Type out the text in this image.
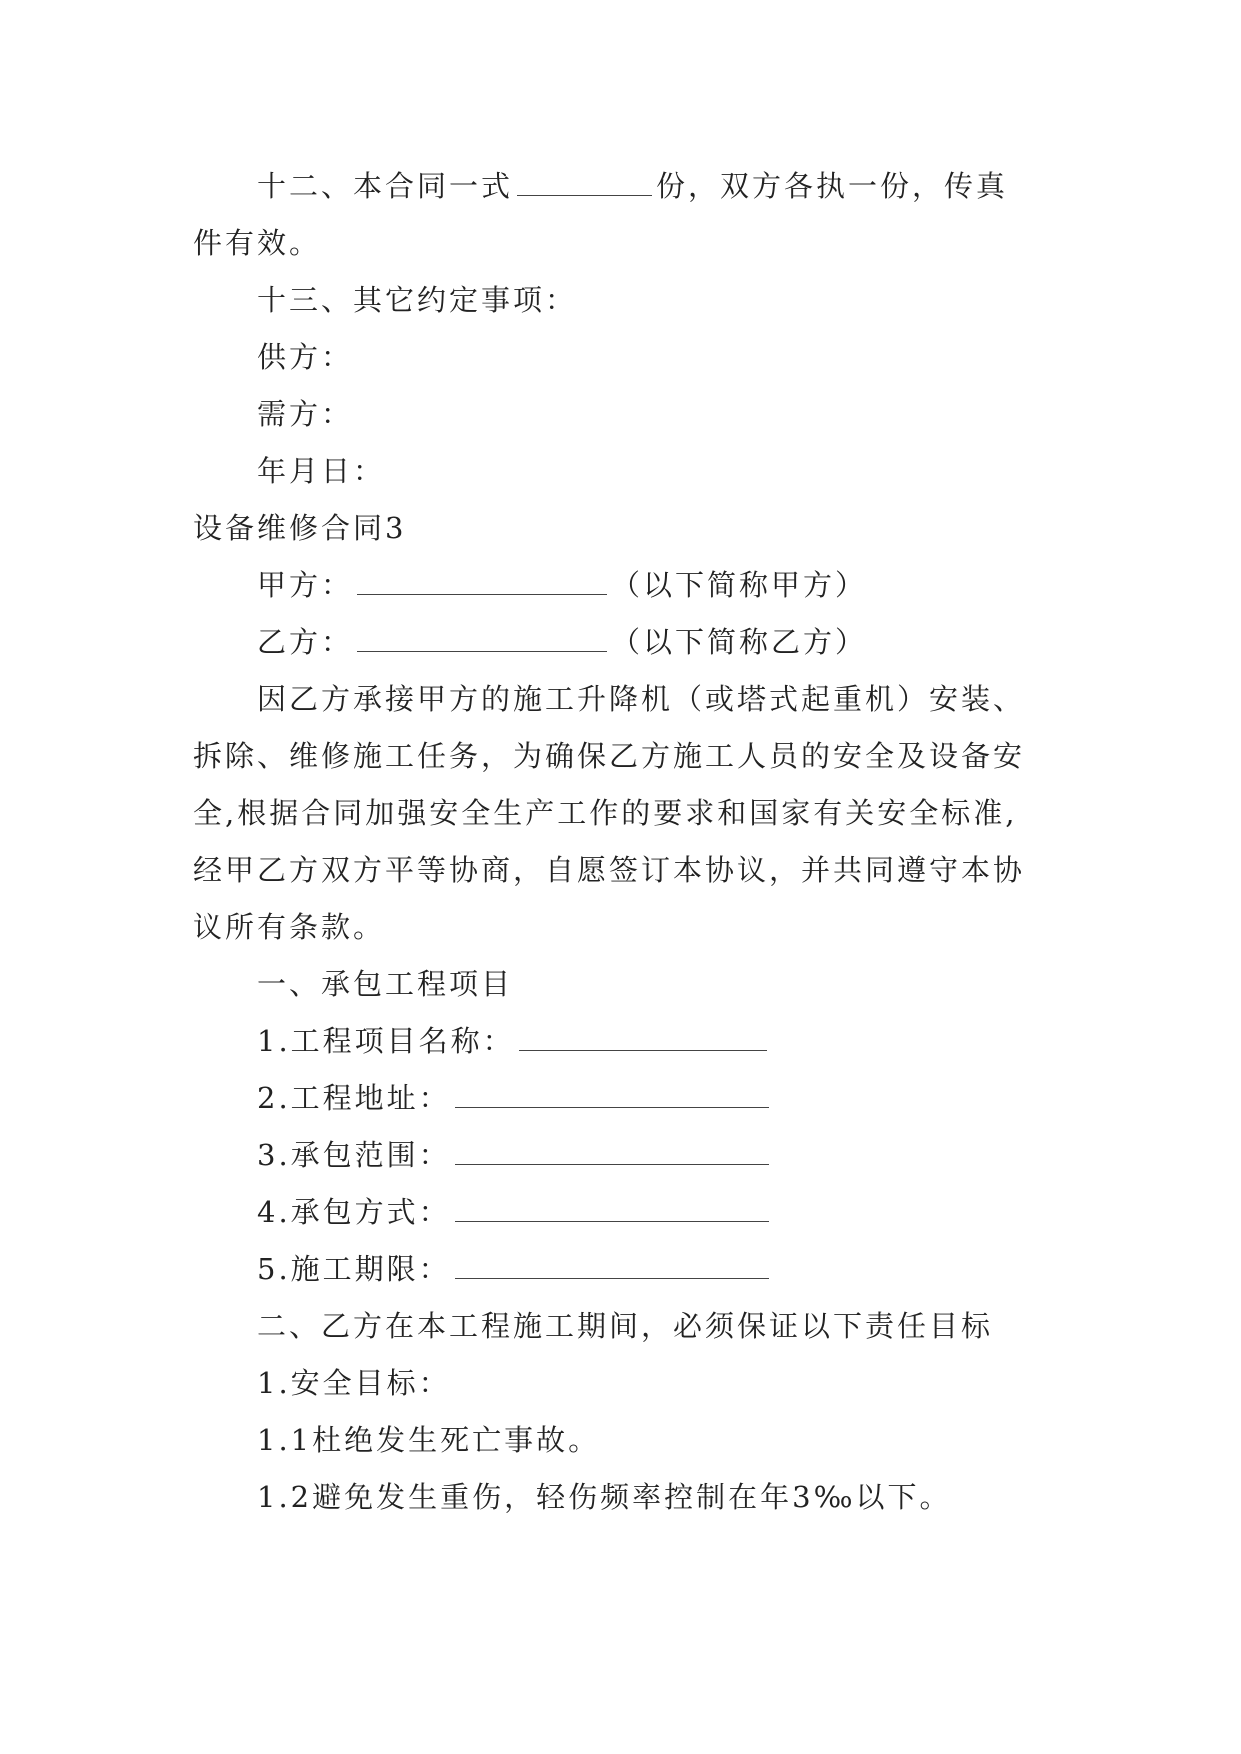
十二、本合同一式	份，双方各执一份，传真
件有效。
十三、其它约定事项：
供方：
需方：
年月日：
设备维修合同3
甲方：	（以下简称甲方）
乙方：	（以下简称乙方）
因乙方承接甲方的施工升降机（或塔式起重机）安装、
拆除、维修施工任务，为确保乙方施工人员的安全及设备安
全,根据合同加强安全生产工作的要求和国家有关安全标准,
经甲乙方双方平等协商，自愿签订本协议，并共同遵守本协
议所有条款。
一、承包工程项目
1.工程项目名称：
2.工程地址：
3.承包范围：
4.承包方式：
5.施工期限：
二、乙方在本工程施工期间，必须保证以下责任目标
1.安全目标：
1.1杜绝发生死亡事故。
1.2避免发生重伤，轻伤频率控制在年3‰以下。
